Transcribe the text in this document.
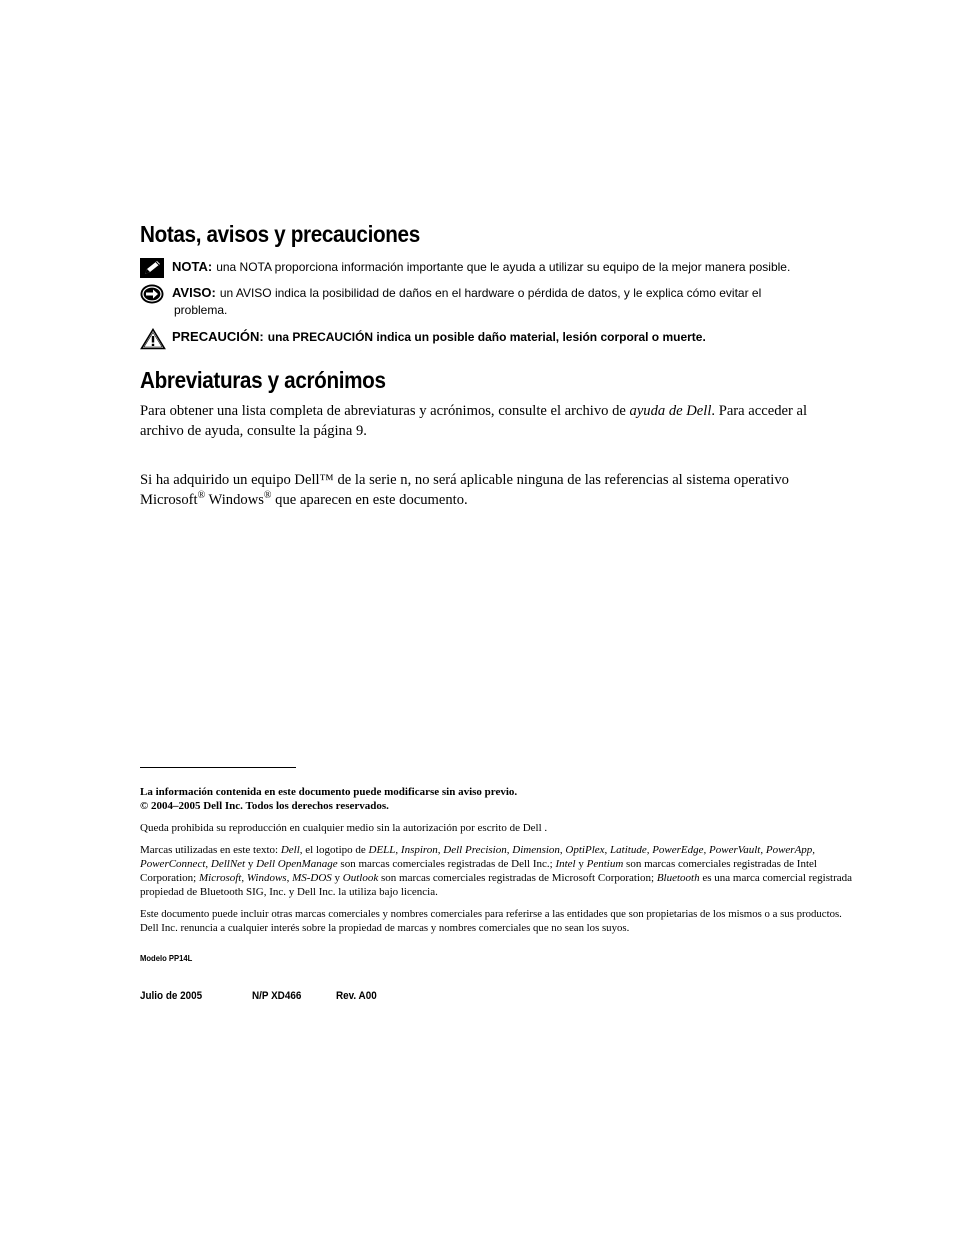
Notas, avisos y precauciones
NOTA: una NOTA proporciona información importante que le ayuda a utilizar su equipo de la mejor manera posible.
AVISO: un AVISO indica la posibilidad de daños en el hardware o pérdida de datos, y le explica cómo evitar el
problema.
PRECAUCIÓN: una PRECAUCIÓN indica un posible daño material, lesión corporal o muerte.
Abreviaturas y acrónimos

Para obtener una lista completa de abreviaturas y acrónimos, consulte el archivo de ayuda de Dell. Para acceder al archivo de ayuda, consulte la página 9.

Si ha adquirido un equipo Dell™ de la serie n, no será aplicable ninguna de las referencias al sistema operativo Microsoft® Windows® que aparecen en este documento.

La información contenida en este documento puede modificarse sin aviso previo.

© 2004–2005 Dell Inc. Todos los derechos reservados.

Queda prohibida su reproducción en cualquier medio sin la autorización por escrito de Dell .

Marcas utilizadas en este texto: Dell, el logotipo de DELL, Inspiron, Dell Precision, Dimension, OptiPlex, Latitude, PowerEdge, PowerVault, PowerApp, PowerConnect, DellNet y Dell OpenManage son marcas comerciales registradas de Dell Inc.; Intel y Pentium son marcas comerciales registradas de Intel Corporation; Microsoft, Windows, MS-DOS y Outlook son marcas comerciales registradas de Microsoft Corporation; Bluetooth es una marca comercial registrada propiedad de Bluetooth SIG, Inc. y Dell Inc. la utiliza bajo licencia.

Este documento puede incluir otras marcas comerciales y nombres comerciales para referirse a las entidades que son propietarias de los mismos o a sus productos. Dell Inc. renuncia a cualquier interés sobre la propiedad de marcas y nombres comerciales que no sean los suyos.

Modelo PP14L
Julio de 2005	N/P XD466	Rev. A00
